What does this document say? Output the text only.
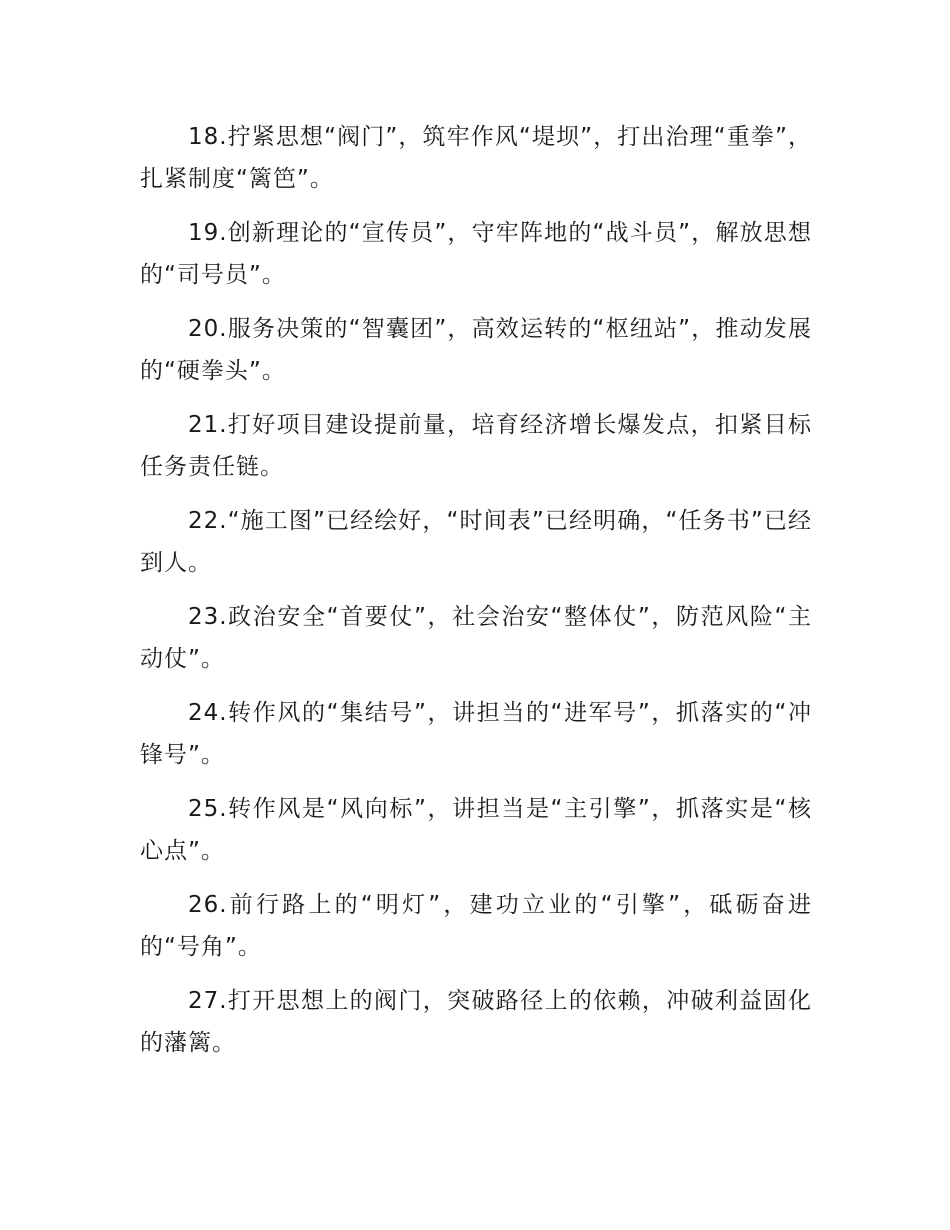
18.拧紧思想“阀门”，筑牢作风“堤坝”，打出治理“重拳”，扎紧制度“篱笆”。

19.创新理论的“宣传员”，守牢阵地的“战斗员”，解放思想的“司号员”。

20.服务决策的“智囊团”，高效运转的“枢纽站”，推动发展的“硬拳头”。

21.打好项目建设提前量，培育经济增长爆发点，扣紧目标任务责任链。

22.“施工图”已经绘好，“时间表”已经明确，“任务书”已经到人。

23.政治安全“首要仗”，社会治安“整体仗”，防范风险“主动仗”。

24.转作风的“集结号”，讲担当的“进军号”，抓落实的“冲锋号”。

25.转作风是“风向标”，讲担当是“主引擎”，抓落实是“核心点”。

26.前行路上的“明灯”，建功立业的“引擎”，砥砺奋进的“号角”。

27.打开思想上的阀门，突破路径上的依赖，冲破利益固化的藩篱。
